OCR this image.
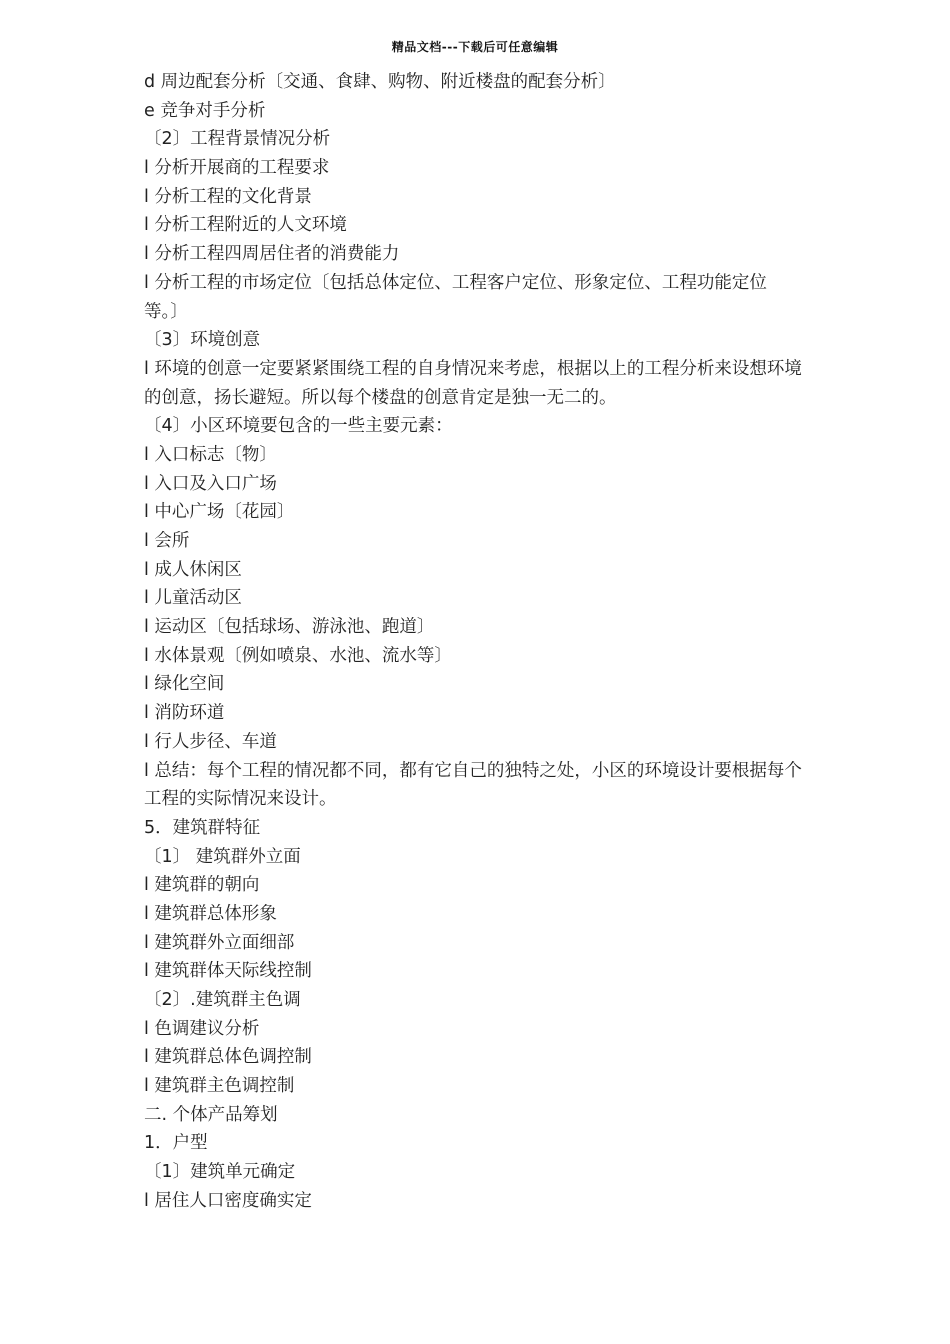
精品文档---下载后可任意编辑
d 周边配套分析〔交通、食肆、购物、附近楼盘的配套分析〕
e 竞争对手分析
〔2〕工程背景情况分析
l 分析开展商的工程要求
l 分析工程的文化背景
l 分析工程附近的人文环境
l 分析工程四周居住者的消费能力
l 分析工程的市场定位〔包括总体定位、工程客户定位、形象定位、工程功能定位
等。〕
〔3〕环境创意
l 环境的创意一定要紧紧围绕工程的自身情况来考虑，根据以上的工程分析来设想环境
的创意，扬长避短。所以每个楼盘的创意肯定是独一无二的。
〔4〕小区环境要包含的一些主要元素：
l 入口标志〔物〕
l 入口及入口广场
l 中心广场〔花园〕
l 会所
l 成人休闲区
l 儿童活动区
l 运动区〔包括球场、游泳池、跑道〕
l 水体景观〔例如喷泉、水池、流水等〕
l 绿化空间
l 消防环道
l 行人步径、车道
l 总结：每个工程的情况都不同，都有它自己的独特之处，小区的环境设计要根据每个
工程的实际情况来设计。
5．建筑群特征
〔1〕 建筑群外立面
l 建筑群的朝向
l 建筑群总体形象
l 建筑群外立面细部
l 建筑群体天际线控制
〔2〕.建筑群主色调
l 色调建议分析
l 建筑群总体色调控制
l 建筑群主色调控制
二. 个体产品筹划
1．户型
〔1〕建筑单元确定
l 居住人口密度确实定
